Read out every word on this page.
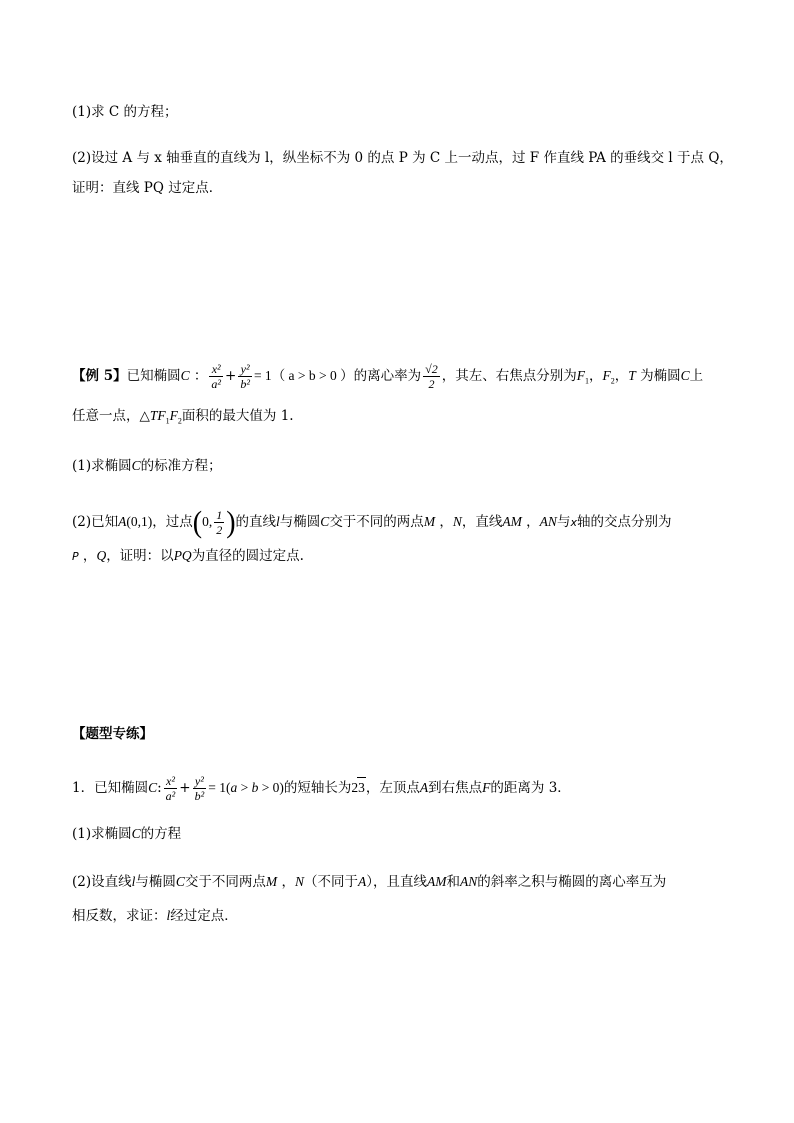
(1)求 C 的方程；
(2)设过 A 与 x 轴垂直的直线为 l，纵坐标不为 0 的点 P 为 C 上一动点，过 F 作直线 PA 的垂线交 l 于点 Q，
证明：直线 PQ 过定点．
【例 5】已知椭圆C ： $\frac{\text{x²}}{\text{a²}} + \frac{\text{y²}}{\text{b²}} = 1$（ a > b > 0 ）的离心率为 $\frac{√2}{2}$ ，其左、右焦点分别为$F_1$，$F_2$，T 为椭圆C上
任意一点，$\triangle TF_1F_2$面积的最大值为 1.
(1)求椭圆C的标准方程；
(2)已知A(0,1)，过点(0, $\frac{1}{2}$ )的直线l与椭圆C交于不同的两点M ，N，直线AM ，AN与x轴的交点分别为
P ，Q，证明：以PQ为直径的圆过定点.
【题型专练】
1．已知椭圆C: $\frac{\text{x²}}{\text{a²}} + \frac{\text{y²}}{\text{b²}} = 1(a > b > 0)$的短轴长为23，左顶点A到右焦点F的距离为 3．
(1)求椭圆C的方程
(2)设直线l与椭圆C交于不同两点M ，N（不同于A），且直线AM和AN的斜率之积与椭圆的离心率互为
相反数，求证：l经过定点．
